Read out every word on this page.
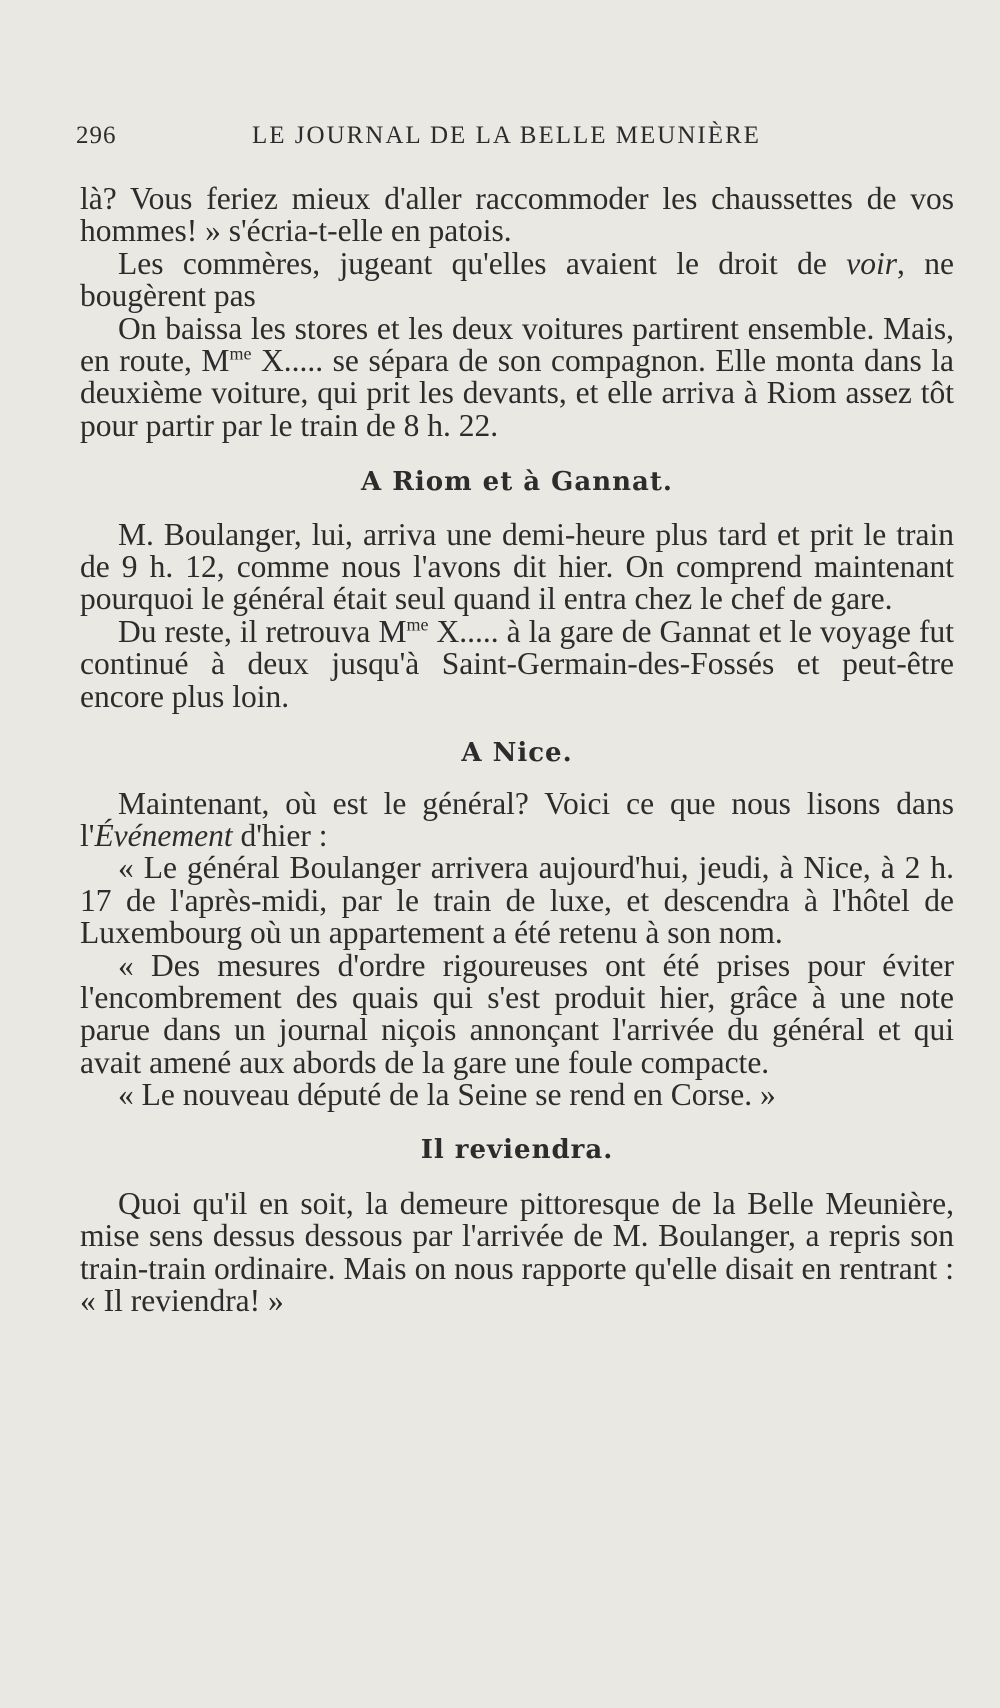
296	LE JOURNAL DE LA BELLE MEUNIÈRE

là? Vous feriez mieux d'aller raccommoder les chaussettes de vos hommes! » s'écria-t-elle en patois.

Les commères, jugeant qu'elles avaient le droit de voir, ne bougèrent pas

On baissa les stores et les deux voitures partirent ensemble. Mais, en route, $M^{me}$ X..... se sépara de son compagnon. Elle monta dans la deuxième voiture, qui prit les devants, et elle arriva à Riom assez tôt pour partir par le train de 8 h. 22.

A Riom et à Gannat.

M. Boulanger, lui, arriva une demi-heure plus tard et prit le train de 9 h. 12, comme nous l'avons dit hier. On comprend maintenant pourquoi le général était seul quand il entra chez le chef de gare.

Du reste, il retrouva $M^{me}$ X..... à la gare de Gannat et le voyage fut continué à deux jusqu'à Saint-Germain-des-Fossés et peut-être encore plus loin.

A Nice.

Maintenant, où est le général? Voici ce que nous lisons dans l'Événement d'hier :

« Le général Boulanger arrivera aujourd'hui, jeudi, à Nice, à 2 h. 17 de l'après-midi, par le train de luxe, et descendra à l'hôtel de Luxembourg où un appartement a été retenu à son nom.

« Des mesures d'ordre rigoureuses ont été prises pour éviter l'encombrement des quais qui s'est produit hier, grâce à une note parue dans un journal niçois annonçant l'arrivée du général et qui avait amené aux abords de la gare une foule compacte.

« Le nouveau député de la Seine se rend en Corse. »

Il reviendra.

Quoi qu'il en soit, la demeure pittoresque de la Belle Meunière, mise sens dessus dessous par l'arrivée de M. Boulanger, a repris son train-train ordinaire. Mais on nous rapporte qu'elle disait en rentrant : « Il reviendra! »
